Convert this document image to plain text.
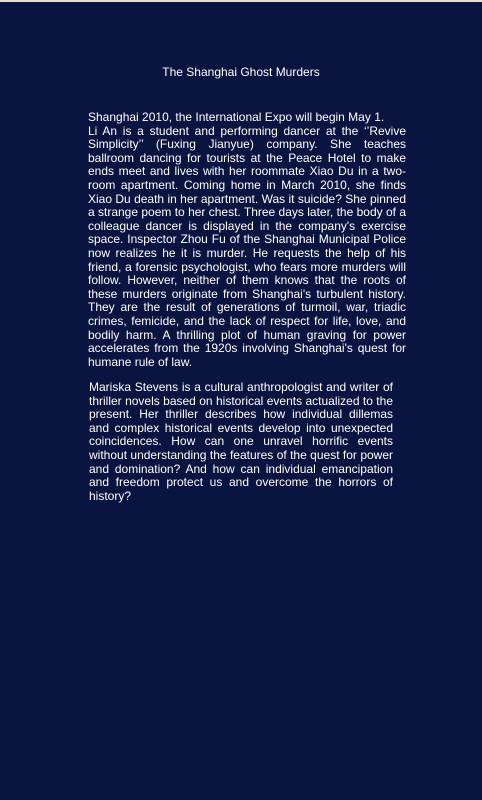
The Shanghai Ghost Murders
Shanghai 2010, the International Expo will begin May 1.
Li An is a student and performing dancer at the ‘’Revive Simplicity’’ (Fuxing Jianyue) company. She teaches ballroom dancing for tourists at the Peace Hotel to make ends meet and lives with her roommate Xiao Du in a two-room apartment. Coming home in March 2010, she finds Xiao Du death in her apartment. Was it suicide? She pinned a strange poem to her chest. Three days later, the body of a colleague dancer is displayed in the company's exercise space. Inspector Zhou Fu of the Shanghai Municipal Police now realizes he it is murder. He requests the help of his friend, a forensic psychologist, who fears more murders will follow. However, neither of them knows that the roots of these murders originate from Shanghai's turbulent history. They are the result of generations of turmoil, war, triadic crimes, femicide, and the lack of respect for life, love, and bodily harm. A thrilling plot of human graving for power accelerates from the 1920s involving Shanghai's quest for humane rule of law.
Mariska Stevens is a cultural anthropologist and writer of thriller novels based on historical events actualized to the present. Her thriller describes how individual dillemas and complex historical events develop into unexpected coincidences. How can one unravel horrific events without understanding the features of the quest for power and domination? And how can individual emancipation and freedom protect us and overcome the horrors of history?
